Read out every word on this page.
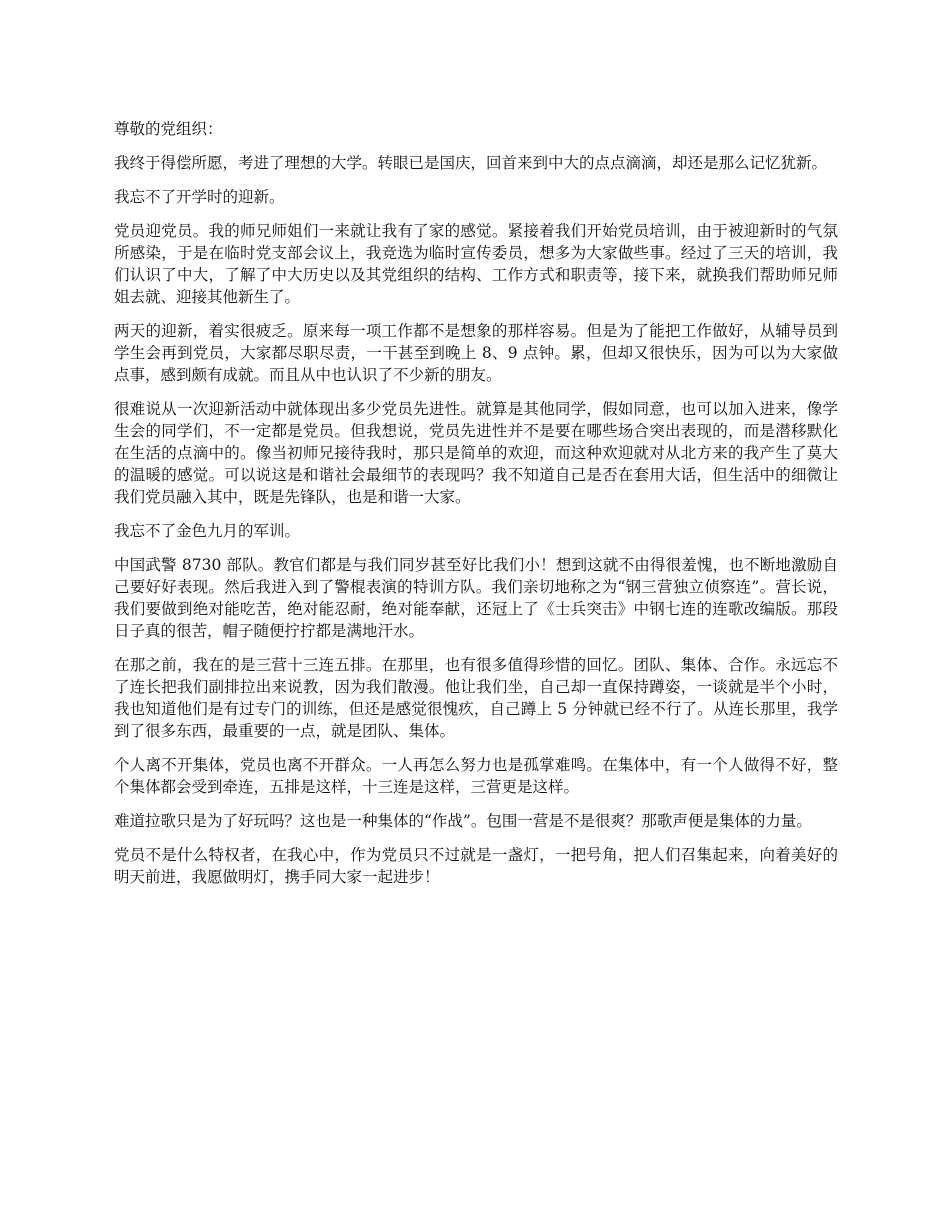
尊敬的党组织：

我终于得偿所愿，考进了理想的大学。转眼已是国庆，回首来到中大的点点滴滴，却还是那么记忆犹新。

我忘不了开学时的迎新。

党员迎党员。我的师兄师姐们一来就让我有了家的感觉。紧接着我们开始党员培训，由于被迎新时的气氛所感染，于是在临时党支部会议上，我竞选为临时宣传委员，想多为大家做些事。经过了三天的培训，我们认识了中大，了解了中大历史以及其党组织的结构、工作方式和职责等，接下来，就换我们帮助师兄师姐去就、迎接其他新生了。

两天的迎新，着实很疲乏。原来每一项工作都不是想象的那样容易。但是为了能把工作做好，从辅导员到学生会再到党员，大家都尽职尽责，一干甚至到晚上 8、9 点钟。累，但却又很快乐，因为可以为大家做点事，感到颇有成就。而且从中也认识了不少新的朋友。

很难说从一次迎新活动中就体现出多少党员先进性。就算是其他同学，假如同意，也可以加入进来，像学生会的同学们，不一定都是党员。但我想说，党员先进性并不是要在哪些场合突出表现的，而是潜移默化在生活的点滴中的。像当初师兄接待我时，那只是简单的欢迎，而这种欢迎就对从北方来的我产生了莫大的温暖的感觉。可以说这是和谐社会最细节的表现吗？我不知道自己是否在套用大话，但生活中的细微让我们党员融入其中，既是先锋队，也是和谐一大家。

我忘不了金色九月的军训。

中国武警 8730 部队。教官们都是与我们同岁甚至好比我们小！想到这就不由得很羞愧，也不断地激励自己要好好表现。然后我进入到了警棍表演的特训方队。我们亲切地称之为“钢三营独立侦察连”。营长说，我们要做到绝对能吃苦，绝对能忍耐，绝对能奉献，还冠上了《士兵突击》中钢七连的连歌改编版。那段日子真的很苦，帽子随便拧拧都是满地汗水。

在那之前，我在的是三营十三连五排。在那里，也有很多值得珍惜的回忆。团队、集体、合作。永远忘不了连长把我们副排拉出来说教，因为我们散漫。他让我们坐，自己却一直保持蹲姿，一谈就是半个小时，我也知道他们是有过专门的训练，但还是感觉很愧疚，自己蹲上 5 分钟就已经不行了。从连长那里，我学到了很多东西，最重要的一点，就是团队、集体。

个人离不开集体，党员也离不开群众。一人再怎么努力也是孤掌难鸣。在集体中，有一个人做得不好，整个集体都会受到牵连，五排是这样，十三连是这样，三营更是这样。

难道拉歌只是为了好玩吗？这也是一种集体的“作战”。包围一营是不是很爽？那歌声便是集体的力量。

党员不是什么特权者，在我心中，作为党员只不过就是一盏灯，一把号角，把人们召集起来，向着美好的明天前进，我愿做明灯，携手同大家一起进步！
